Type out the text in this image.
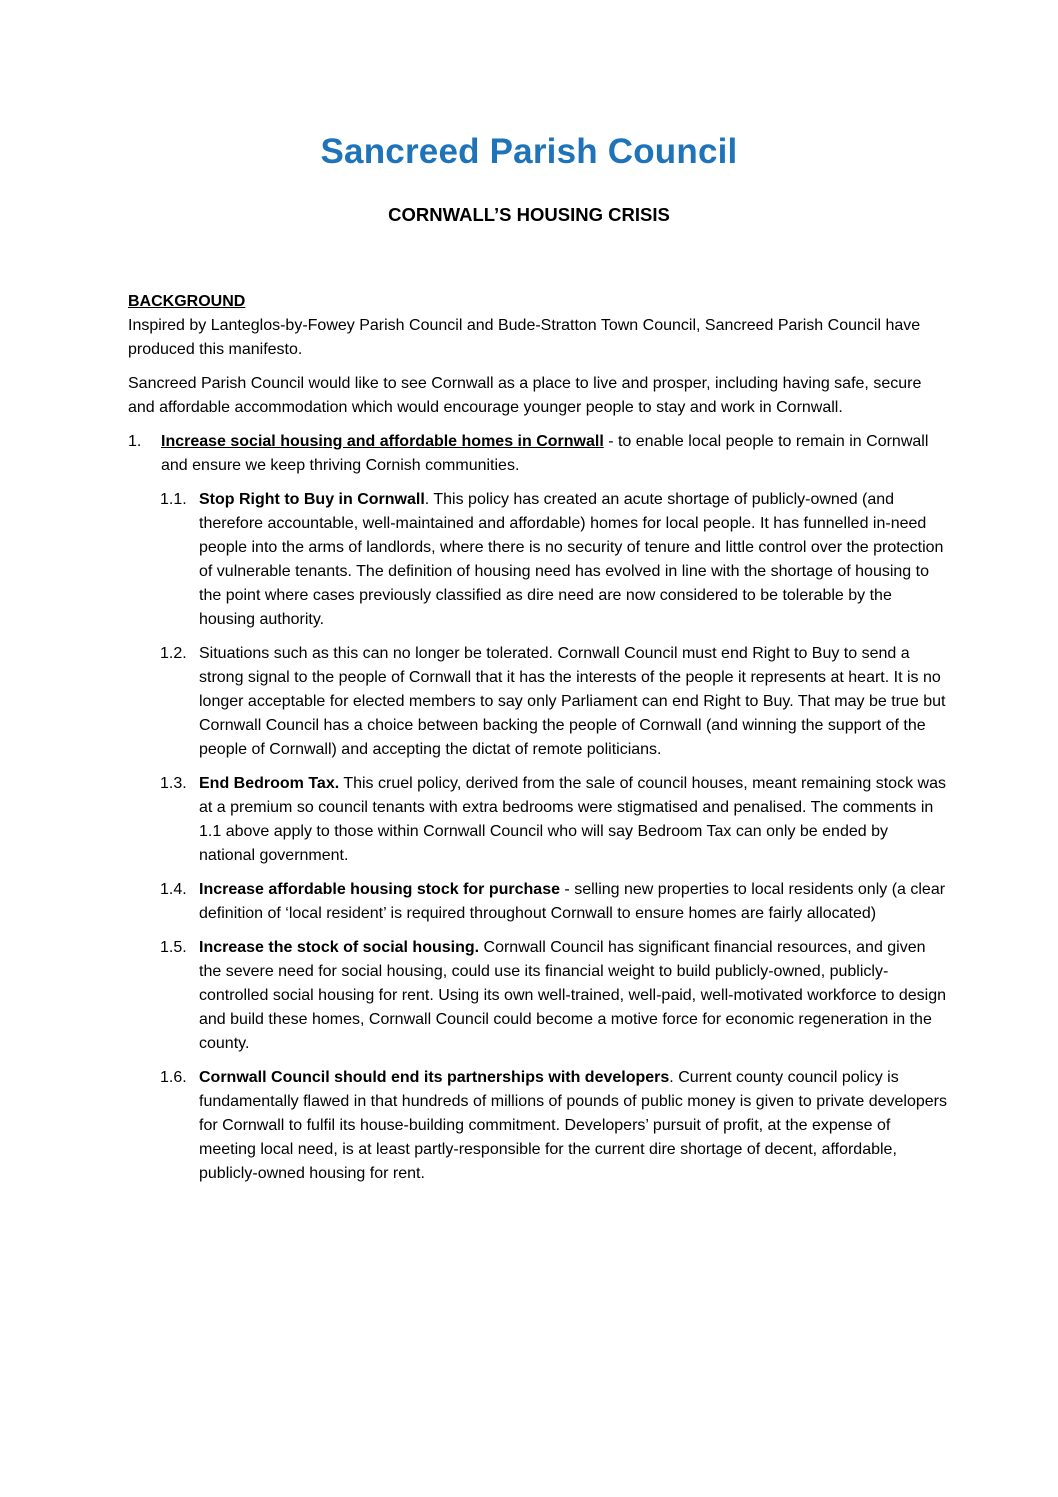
Sancreed Parish Council
CORNWALL’S HOUSING CRISIS
BACKGROUND

Inspired by Lanteglos-by-Fowey Parish Council and Bude-Stratton Town Council, Sancreed Parish Council have produced this manifesto.

Sancreed Parish Council would like to see Cornwall as a place to live and prosper, including having safe, secure and affordable accommodation which would encourage younger people to stay and work in Cornwall.

1.	Increase social housing and affordable homes in Cornwall - to enable local people to remain in Cornwall and ensure we keep thriving Cornish communities.
1.1. Stop Right to Buy in Cornwall. This policy has created an acute shortage of publicly-owned (and therefore accountable, well-maintained and affordable) homes for local people. It has funnelled in-need people into the arms of landlords, where there is no security of tenure and little control over the protection of vulnerable tenants. The definition of housing need has evolved in line with the shortage of housing to the point where cases previously classified as dire need are now considered to be tolerable by the housing authority.
1.2. Situations such as this can no longer be tolerated. Cornwall Council must end Right to Buy to send a strong signal to the people of Cornwall that it has the interests of the people it represents at heart. It is no longer acceptable for elected members to say only Parliament can end Right to Buy. That may be true but Cornwall Council has a choice between backing the people of Cornwall (and winning the support of the people of Cornwall) and accepting the dictat of remote politicians.
1.3. End Bedroom Tax. This cruel policy, derived from the sale of council houses, meant remaining stock was at a premium so council tenants with extra bedrooms were stigmatised and penalised. The comments in 1.1 above apply to those within Cornwall Council who will say Bedroom Tax can only be ended by national government.
1.4. Increase affordable housing stock for purchase - selling new properties to local residents only (a clear definition of ‘local resident’ is required throughout Cornwall to ensure homes are fairly allocated)
1.5. Increase the stock of social housing. Cornwall Council has significant financial resources, and given the severe need for social housing, could use its financial weight to build publicly-owned, publicly-controlled social housing for rent. Using its own well-trained, well-paid, well-motivated workforce to design and build these homes, Cornwall Council could become a motive force for economic regeneration in the county.
1.6. Cornwall Council should end its partnerships with developers. Current county council policy is fundamentally flawed in that hundreds of millions of pounds of public money is given to private developers for Cornwall to fulfil its house-building commitment. Developers’ pursuit of profit, at the expense of meeting local need, is at least partly-responsible for the current dire shortage of decent, affordable, publicly-owned housing for rent.
